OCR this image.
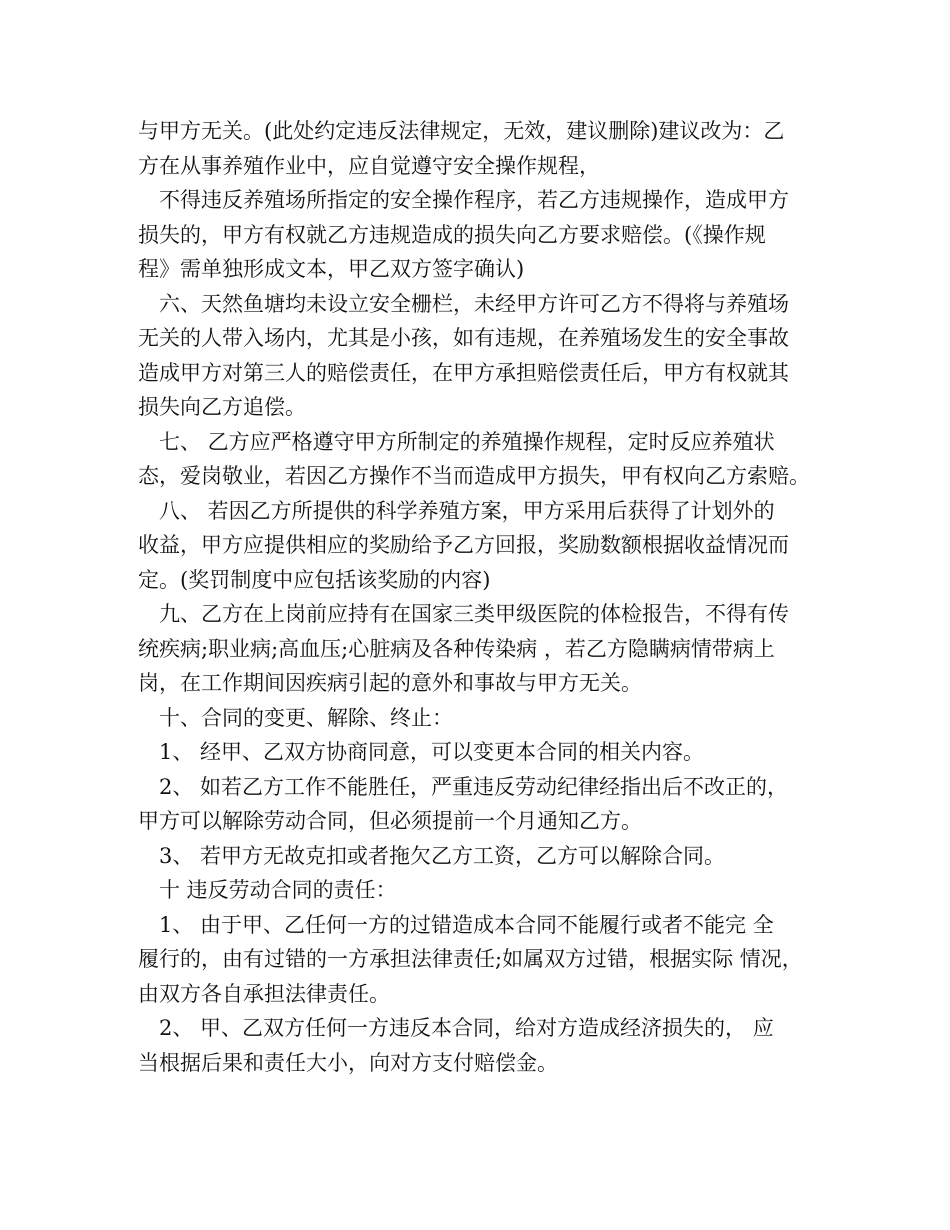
与甲方无关。(此处约定违反法律规定，无效，建议删除)建议改为：乙
方在从事养殖作业中，应自觉遵守安全操作规程，
不得违反养殖场所指定的安全操作程序，若乙方违规操作，造成甲方
损失的，甲方有权就乙方违规造成的损失向乙方要求赔偿。(《操作规
程》需单独形成文本，甲乙双方签字确认)
六、天然鱼塘均未设立安全栅栏，未经甲方许可乙方不得将与养殖场
无关的人带入场内，尤其是小孩，如有违规，在养殖场发生的安全事故
造成甲方对第三人的赔偿责任，在甲方承担赔偿责任后，甲方有权就其
损失向乙方追偿。
七、 乙方应严格遵守甲方所制定的养殖操作规程，定时反应养殖状
态，爱岗敬业，若因乙方操作不当而造成甲方损失，甲有权向乙方索赔。
八、 若因乙方所提供的科学养殖方案，甲方采用后获得了计划外的
收益，甲方应提供相应的奖励给予乙方回报，奖励数额根据收益情况而
定。(奖罚制度中应包括该奖励的内容)
九、乙方在上岗前应持有在国家三类甲级医院的体检报告，不得有传
统疾病;职业病;高血压;心脏病及各种传染病 ，若乙方隐瞒病情带病上
岗，在工作期间因疾病引起的意外和事故与甲方无关。
十、合同的变更、解除、终止：
1、 经甲、乙双方协商同意，可以变更本合同的相关内容。
2、 如若乙方工作不能胜任，严重违反劳动纪律经指出后不改正的，
甲方可以解除劳动合同，但必须提前一个月通知乙方。
3、 若甲方无故克扣或者拖欠乙方工资，乙方可以解除合同。
十 违反劳动合同的责任：
1、 由于甲、乙任何一方的过错造成本合同不能履行或者不能完 全
履行的，由有过错的一方承担法律责任;如属双方过错，根据实际 情况，
由双方各自承担法律责任。
2、 甲、乙双方任何一方违反本合同，给对方造成经济损失的， 应
当根据后果和责任大小，向对方支付赔偿金。
